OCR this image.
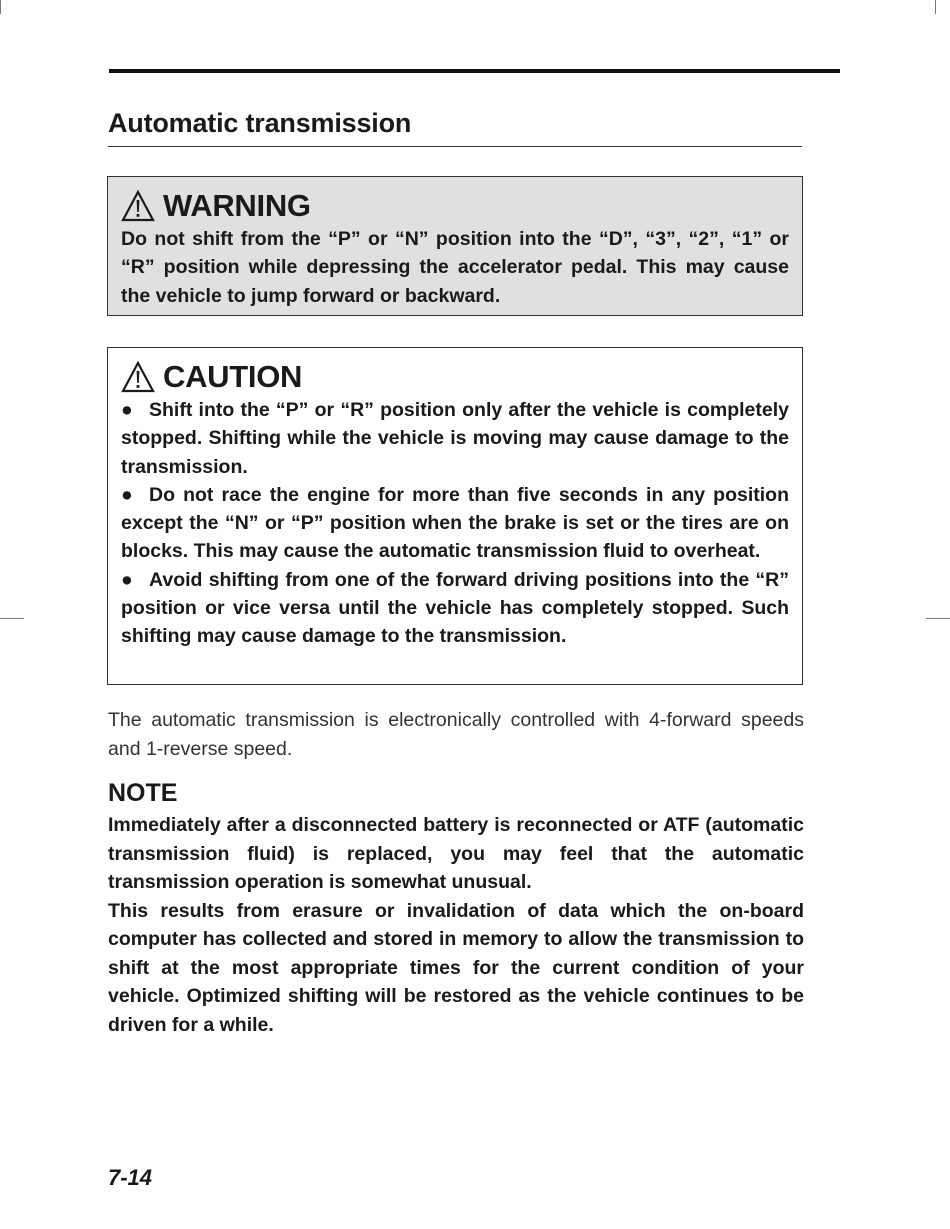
Automatic transmission
WARNING

Do not shift from the “P” or “N” position into the “D”, “3”, “2”, “1” or “R” position while depressing the accelerator pedal. This may cause the vehicle to jump forward or backward.

CAUTION

● Shift into the “P” or “R” position only after the vehicle is completely stopped. Shifting while the vehicle is moving may cause damage to the transmission.

● Do not race the engine for more than five seconds in any position except the “N” or “P” position when the brake is set or the tires are on blocks. This may cause the automatic transmission fluid to overheat.

● Avoid shifting from one of the forward driving positions into the “R” position or vice versa until the vehicle has completely stopped. Such shifting may cause damage to the transmission.

The automatic transmission is electronically controlled with 4-forward speeds and 1-reverse speed.

NOTE

Immediately after a disconnected battery is reconnected or ATF (automatic transmission fluid) is replaced, you may feel that the automatic transmission operation is somewhat unusual.

This results from erasure or invalidation of data which the on-board computer has collected and stored in memory to allow the transmission to shift at the most appropriate times for the current condition of your vehicle. Optimized shifting will be restored as the vehicle continues to be driven for a while.

7-14
